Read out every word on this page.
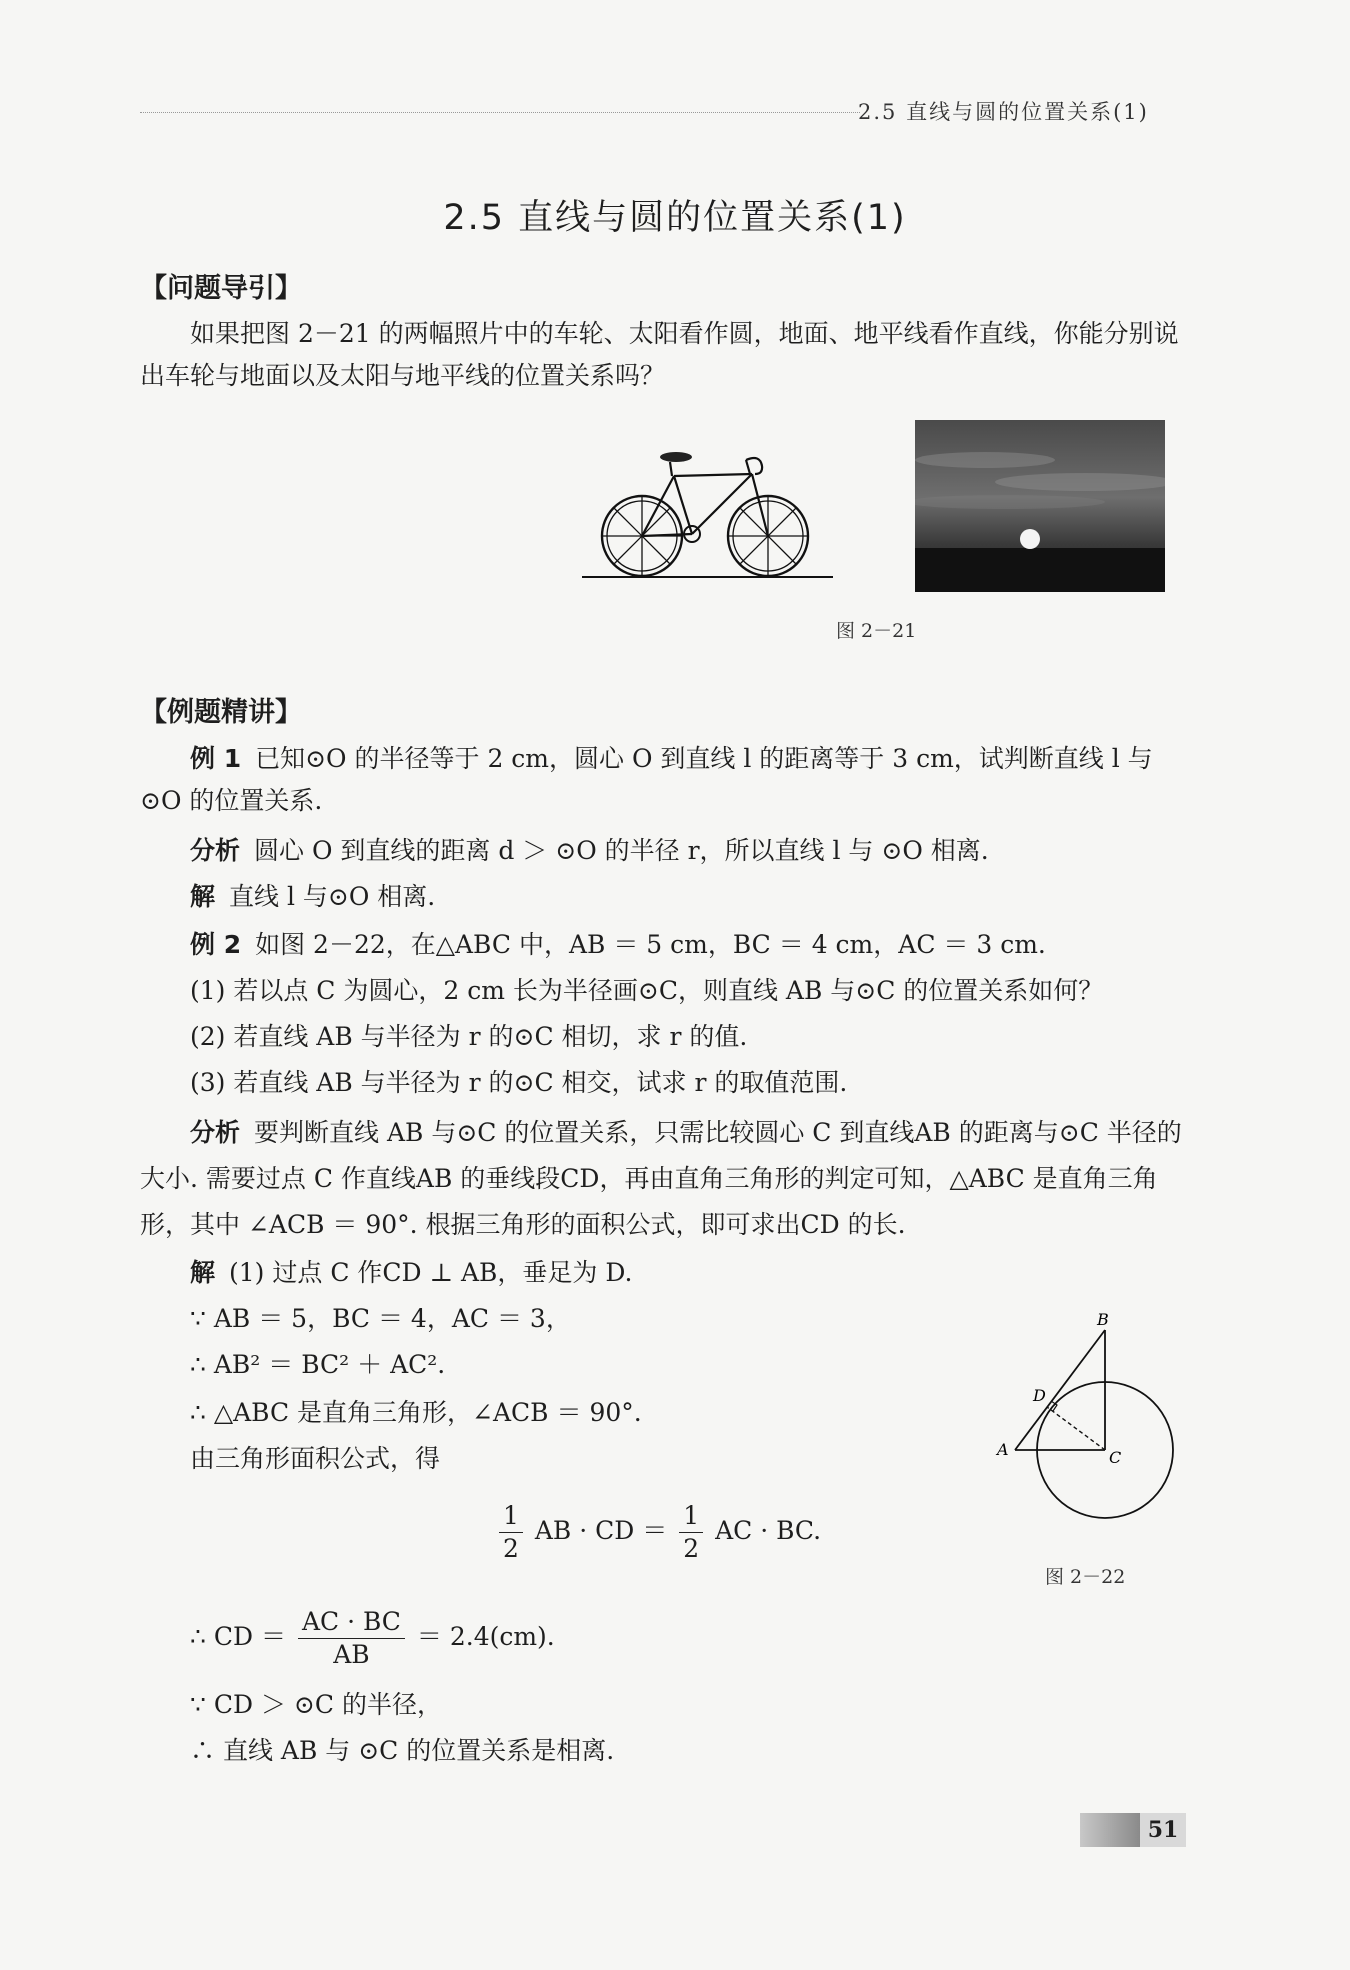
2.5 直线与圆的位置关系(1)
2.5 直线与圆的位置关系(1)
【问题导引】
如果把图 2－21 的两幅照片中的车轮、太阳看作圆，地面、地平线看作直线，你能分别说出车轮与地面以及太阳与地平线的位置关系吗？
图 2－21
【例题精讲】
例 1 已知⊙O 的半径等于 2 cm，圆心 O 到直线 l 的距离等于 3 cm，试判断直线 l 与⊙O 的位置关系.
分析 圆心 O 到直线的距离 d ＞ ⊙O 的半径 r，所以直线 l 与 ⊙O 相离.
解 直线 l 与⊙O 相离.
例 2 如图 2－22，在△ABC 中，AB ＝ 5 cm，BC ＝ 4 cm，AC ＝ 3 cm.
(1) 若以点 C 为圆心，2 cm 长为半径画⊙C，则直线 AB 与⊙C 的位置关系如何？
(2) 若直线 AB 与半径为 r 的⊙C 相切，求 r 的值.
(3) 若直线 AB 与半径为 r 的⊙C 相交，试求 r 的取值范围.
分析 要判断直线 AB 与⊙C 的位置关系，只需比较圆心 C 到直线AB 的距离与⊙C 半径的大小. 需要过点 C 作直线AB 的垂线段CD，再由直角三角形的判定可知，△ABC 是直角三角形，其中 ∠ACB ＝ 90°. 根据三角形的面积公式，即可求出CD 的长.
解 (1) 过点 C 作CD ⊥ AB，垂足为 D.
∵ AB ＝ 5，BC ＝ 4，AC ＝ 3，
∴ AB² ＝ BC² ＋ AC².
∴ △ABC 是直角三角形，∠ACB ＝ 90°.
由三角形面积公式，得
$\frac{1}{2}$ AB · CD ＝ $\frac{1}{2}$ AC · BC.
∴ CD ＝ $\frac{AC \cdot BC}{AB} = 2.4(cm)$.
∵ CD ＞ ⊙C 的半径，
∴ 直线 AB 与 ⊙C 的位置关系是相离.
B
D
A	C
图 2－22
51
